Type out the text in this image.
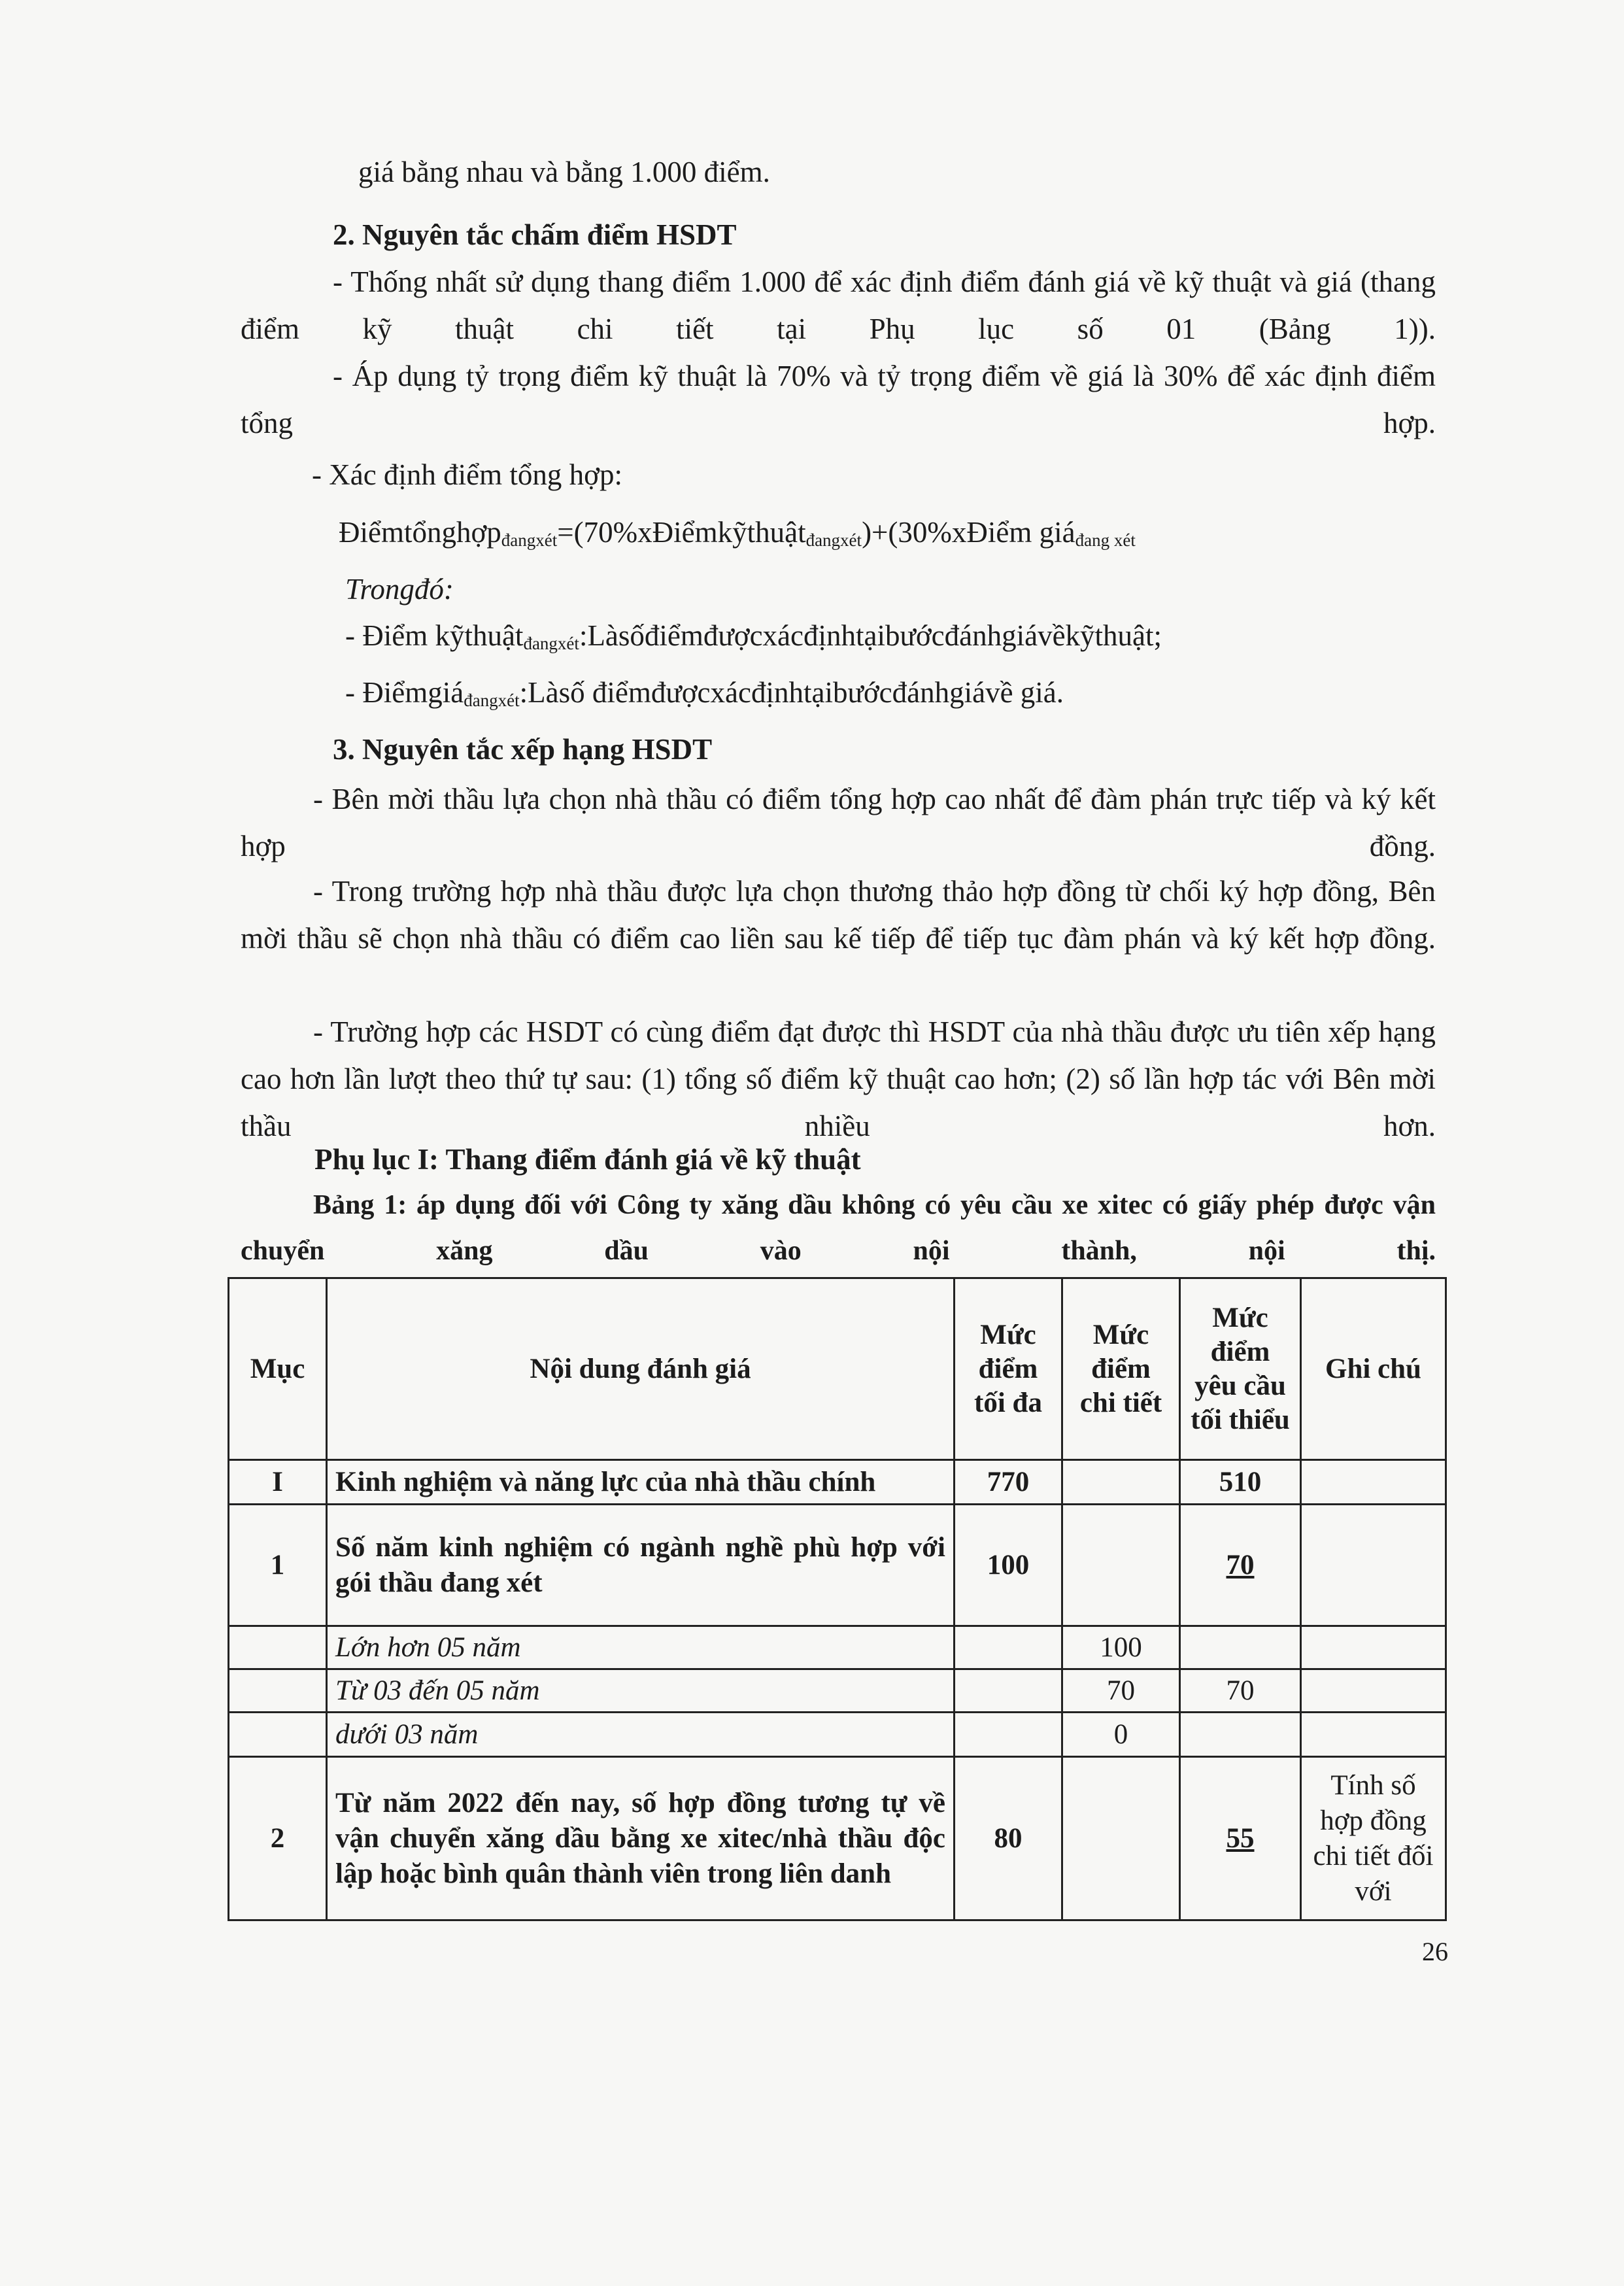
giá bằng nhau và bằng 1.000 điểm.

2. Nguyên tắc chấm điểm HSDT

- Thống nhất sử dụng thang điểm 1.000 để xác định điểm đánh giá về kỹ thuật và giá (thang điểm kỹ thuật chi tiết tại Phụ lục số 01 (Bảng 1)).

- Áp dụng tỷ trọng điểm kỹ thuật là 70% và tỷ trọng điểm về giá là 30% để xác định điểm tổng hợp.

- Xác định điểm tổng hợp:

Điểmtổnghợp$_{đangxét}$=(70%xĐiểmkỹthuật$_{đangxét}$)+(30%xĐiểm giá$_{đang xét}$

Trongđó:

- Điểm kỹthuật$_{đangxét}$:Làsốđiểmđượcxácđịnhtạibướcđánhgiávềkỹthuật;

- Điểmgiá$_{đangxét}$:Làsố điểmđượcxácđịnhtạibướcđánhgiávề giá.

3. Nguyên tắc xếp hạng HSDT

- Bên mời thầu lựa chọn nhà thầu có điểm tổng hợp cao nhất để đàm phán trực tiếp và ký kết hợp đồng.

- Trong trường hợp nhà thầu được lựa chọn thương thảo hợp đồng từ chối ký hợp đồng, Bên mời thầu sẽ chọn nhà thầu có điểm cao liền sau kế tiếp để tiếp tục đàm phán và ký kết hợp đồng.

- Trường hợp các HSDT có cùng điểm đạt được thì HSDT của nhà thầu được ưu tiên xếp hạng cao hơn lần lượt theo thứ tự sau: (1) tổng số điểm kỹ thuật cao hơn; (2) số lần hợp tác với Bên mời thầu nhiều hơn.

Phụ lục I: Thang điểm đánh giá về kỹ thuật

Bảng 1: áp dụng đối với Công ty xăng dầu không có yêu cầu xe xitec có giấy phép được vận chuyển xăng dầu vào nội thành, nội thị.

Mục	Nội dung đánh giá	Mức điểm tối đa	Mức điểm chi tiết	Mức điểm yêu cầu tối thiểu	Ghi chú
I	Kinh nghiệm và năng lực của nhà thầu chính	770		510	
1	Số năm kinh nghiệm có ngành nghề phù hợp với gói thầu đang xét	100		70	
	Lớn hơn 05 năm		100		
	Từ 03 đến 05 năm		70	70	
	dưới 03 năm		0		
2	Từ năm 2022 đến nay, số hợp đồng tương tự về vận chuyển xăng dầu bằng xe xitec/nhà thầu độc lập hoặc bình quân thành viên trong liên danh	80		55	Tính số hợp đồng chi tiết đối với
26
